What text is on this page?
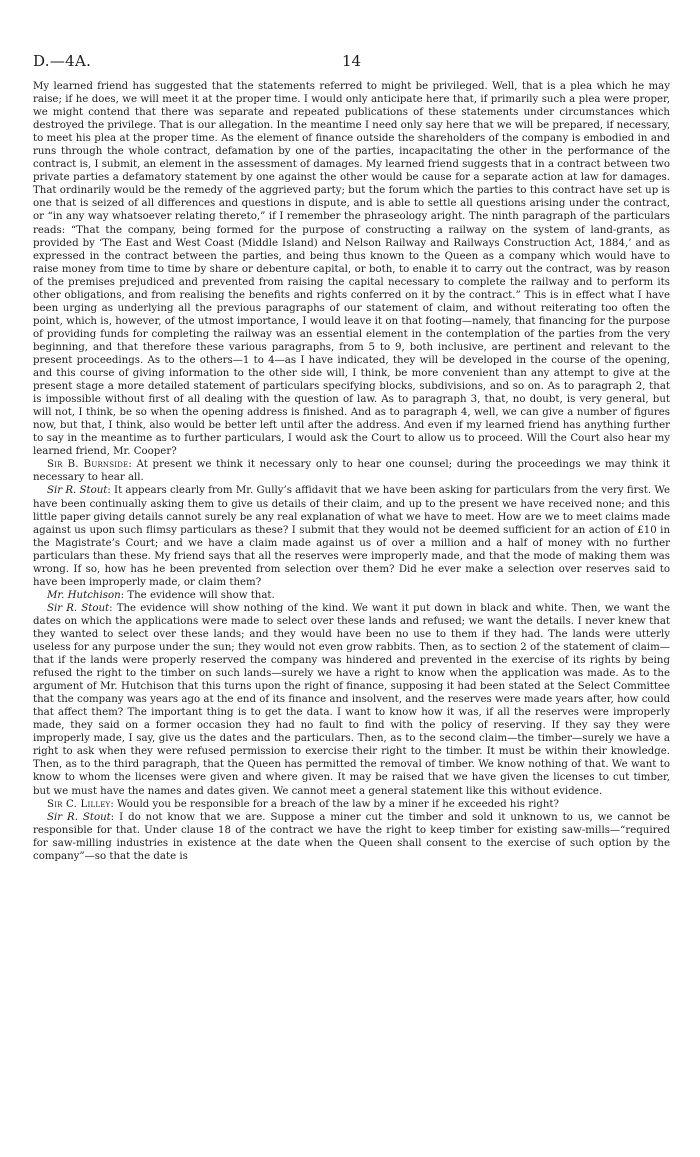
D.—4A.	14

My learned friend has suggested that the statements referred to might be privileged. Well, that is a plea which he may raise; if he does, we will meet it at the proper time. I would only anticipate here that, if primarily such a plea were proper, we might contend that there was separate and repeated publications of these statements under circumstances which destroyed the privilege. That is our allegation. In the meantime I need only say here that we will be prepared, if necessary, to meet his plea at the proper time. As the element of finance outside the shareholders of the company is embodied in and runs through the whole contract, defamation by one of the parties, incapacitating the other in the performance of the contract is, I submit, an element in the assessment of damages. My learned friend suggests that in a contract between two private parties a defamatory statement by one against the other would be cause for a separate action at law for damages. That ordinarily would be the remedy of the aggrieved party; but the forum which the parties to this contract have set up is one that is seized of all differences and questions in dispute, and is able to settle all questions arising under the contract, or “in any way whatsoever relating thereto,” if I remember the phraseology aright. The ninth paragraph of the particulars reads: “That the company, being formed for the purpose of constructing a railway on the system of land-grants, as provided by ‘The East and West Coast (Middle Island) and Nelson Railway and Railways Construction Act, 1884,’ and as expressed in the contract between the parties, and being thus known to the Queen as a company which would have to raise money from time to time by share or debenture capital, or both, to enable it to carry out the contract, was by reason of the premises prejudiced and prevented from raising the capital necessary to complete the railway and to perform its other obligations, and from realising the benefits and rights conferred on it by the contract.” This is in effect what I have been urging as underlying all the previous paragraphs of our statement of claim, and without reiterating too often the point, which is, however, of the utmost importance, I would leave it on that footing—namely, that financing for the purpose of providing funds for completing the railway was an essential element in the contemplation of the parties from the very beginning, and that therefore these various paragraphs, from 5 to 9, both inclusive, are pertinent and relevant to the present proceedings. As to the others—1 to 4—as I have indicated, they will be developed in the course of the opening, and this course of giving information to the other side will, I think, be more convenient than any attempt to give at the present stage a more detailed statement of particulars specifying blocks, subdivisions, and so on. As to paragraph 2, that is impossible without first of all dealing with the question of law. As to paragraph 3, that, no doubt, is very general, but will not, I think, be so when the opening address is finished. And as to paragraph 4, well, we can give a number of figures now, but that, I think, also would be better left until after the address. And even if my learned friend has anything further to say in the meantime as to further particulars, I would ask the Court to allow us to proceed. Will the Court also hear my learned friend, Mr. Cooper?

Sir B. Burnside: At present we think it necessary only to hear one counsel; during the proceedings we may think it necessary to hear all.

Sir R. Stout: It appears clearly from Mr. Gully’s affidavit that we have been asking for particulars from the very first. We have been continually asking them to give us details of their claim, and up to the present we have received none; and this little paper giving details cannot surely be any real explanation of what we have to meet. How are we to meet claims made against us upon such flimsy particulars as these? I submit that they would not be deemed sufficient for an action of £10 in the Magistrate’s Court; and we have a claim made against us of over a million and a half of money with no further particulars than these. My friend says that all the reserves were improperly made, and that the mode of making them was wrong. If so, how has he been prevented from selection over them? Did he ever make a selection over reserves said to have been improperly made, or claim them?

Mr. Hutchison: The evidence will show that.

Sir R. Stout: The evidence will show nothing of the kind. We want it put down in black and white. Then, we want the dates on which the applications were made to select over these lands and refused; we want the details. I never knew that they wanted to select over these lands; and they would have been no use to them if they had. The lands were utterly useless for any purpose under the sun; they would not even grow rabbits. Then, as to section 2 of the statement of claim—that if the lands were properly reserved the company was hindered and prevented in the exercise of its rights by being refused the right to the timber on such lands—surely we have a right to know when the application was made. As to the argument of Mr. Hutchison that this turns upon the right of finance, supposing it had been stated at the Select Committee that the company was years ago at the end of its finance and insolvent, and the reserves were made years after, how could that affect them? The important thing is to get the data. I want to know how it was, if all the reserves were improperly made, they said on a former occasion they had no fault to find with the policy of reserving. If they say they were improperly made, I say, give us the dates and the particulars. Then, as to the second claim—the timber—surely we have a right to ask when they were refused permission to exercise their right to the timber. It must be within their knowledge. Then, as to the third paragraph, that the Queen has permitted the removal of timber. We know nothing of that. We want to know to whom the licenses were given and where given. It may be raised that we have given the licenses to cut timber, but we must have the names and dates given. We cannot meet a general statement like this without evidence.

Sir C. Lilley: Would you be responsible for a breach of the law by a miner if he exceeded his right?

Sir R. Stout: I do not know that we are. Suppose a miner cut the timber and sold it unknown to us, we cannot be responsible for that. Under clause 18 of the contract we have the right to keep timber for existing saw-mills—“required for saw-milling industries in existence at the date when the Queen shall consent to the exercise of such option by the company”—so that the date is
